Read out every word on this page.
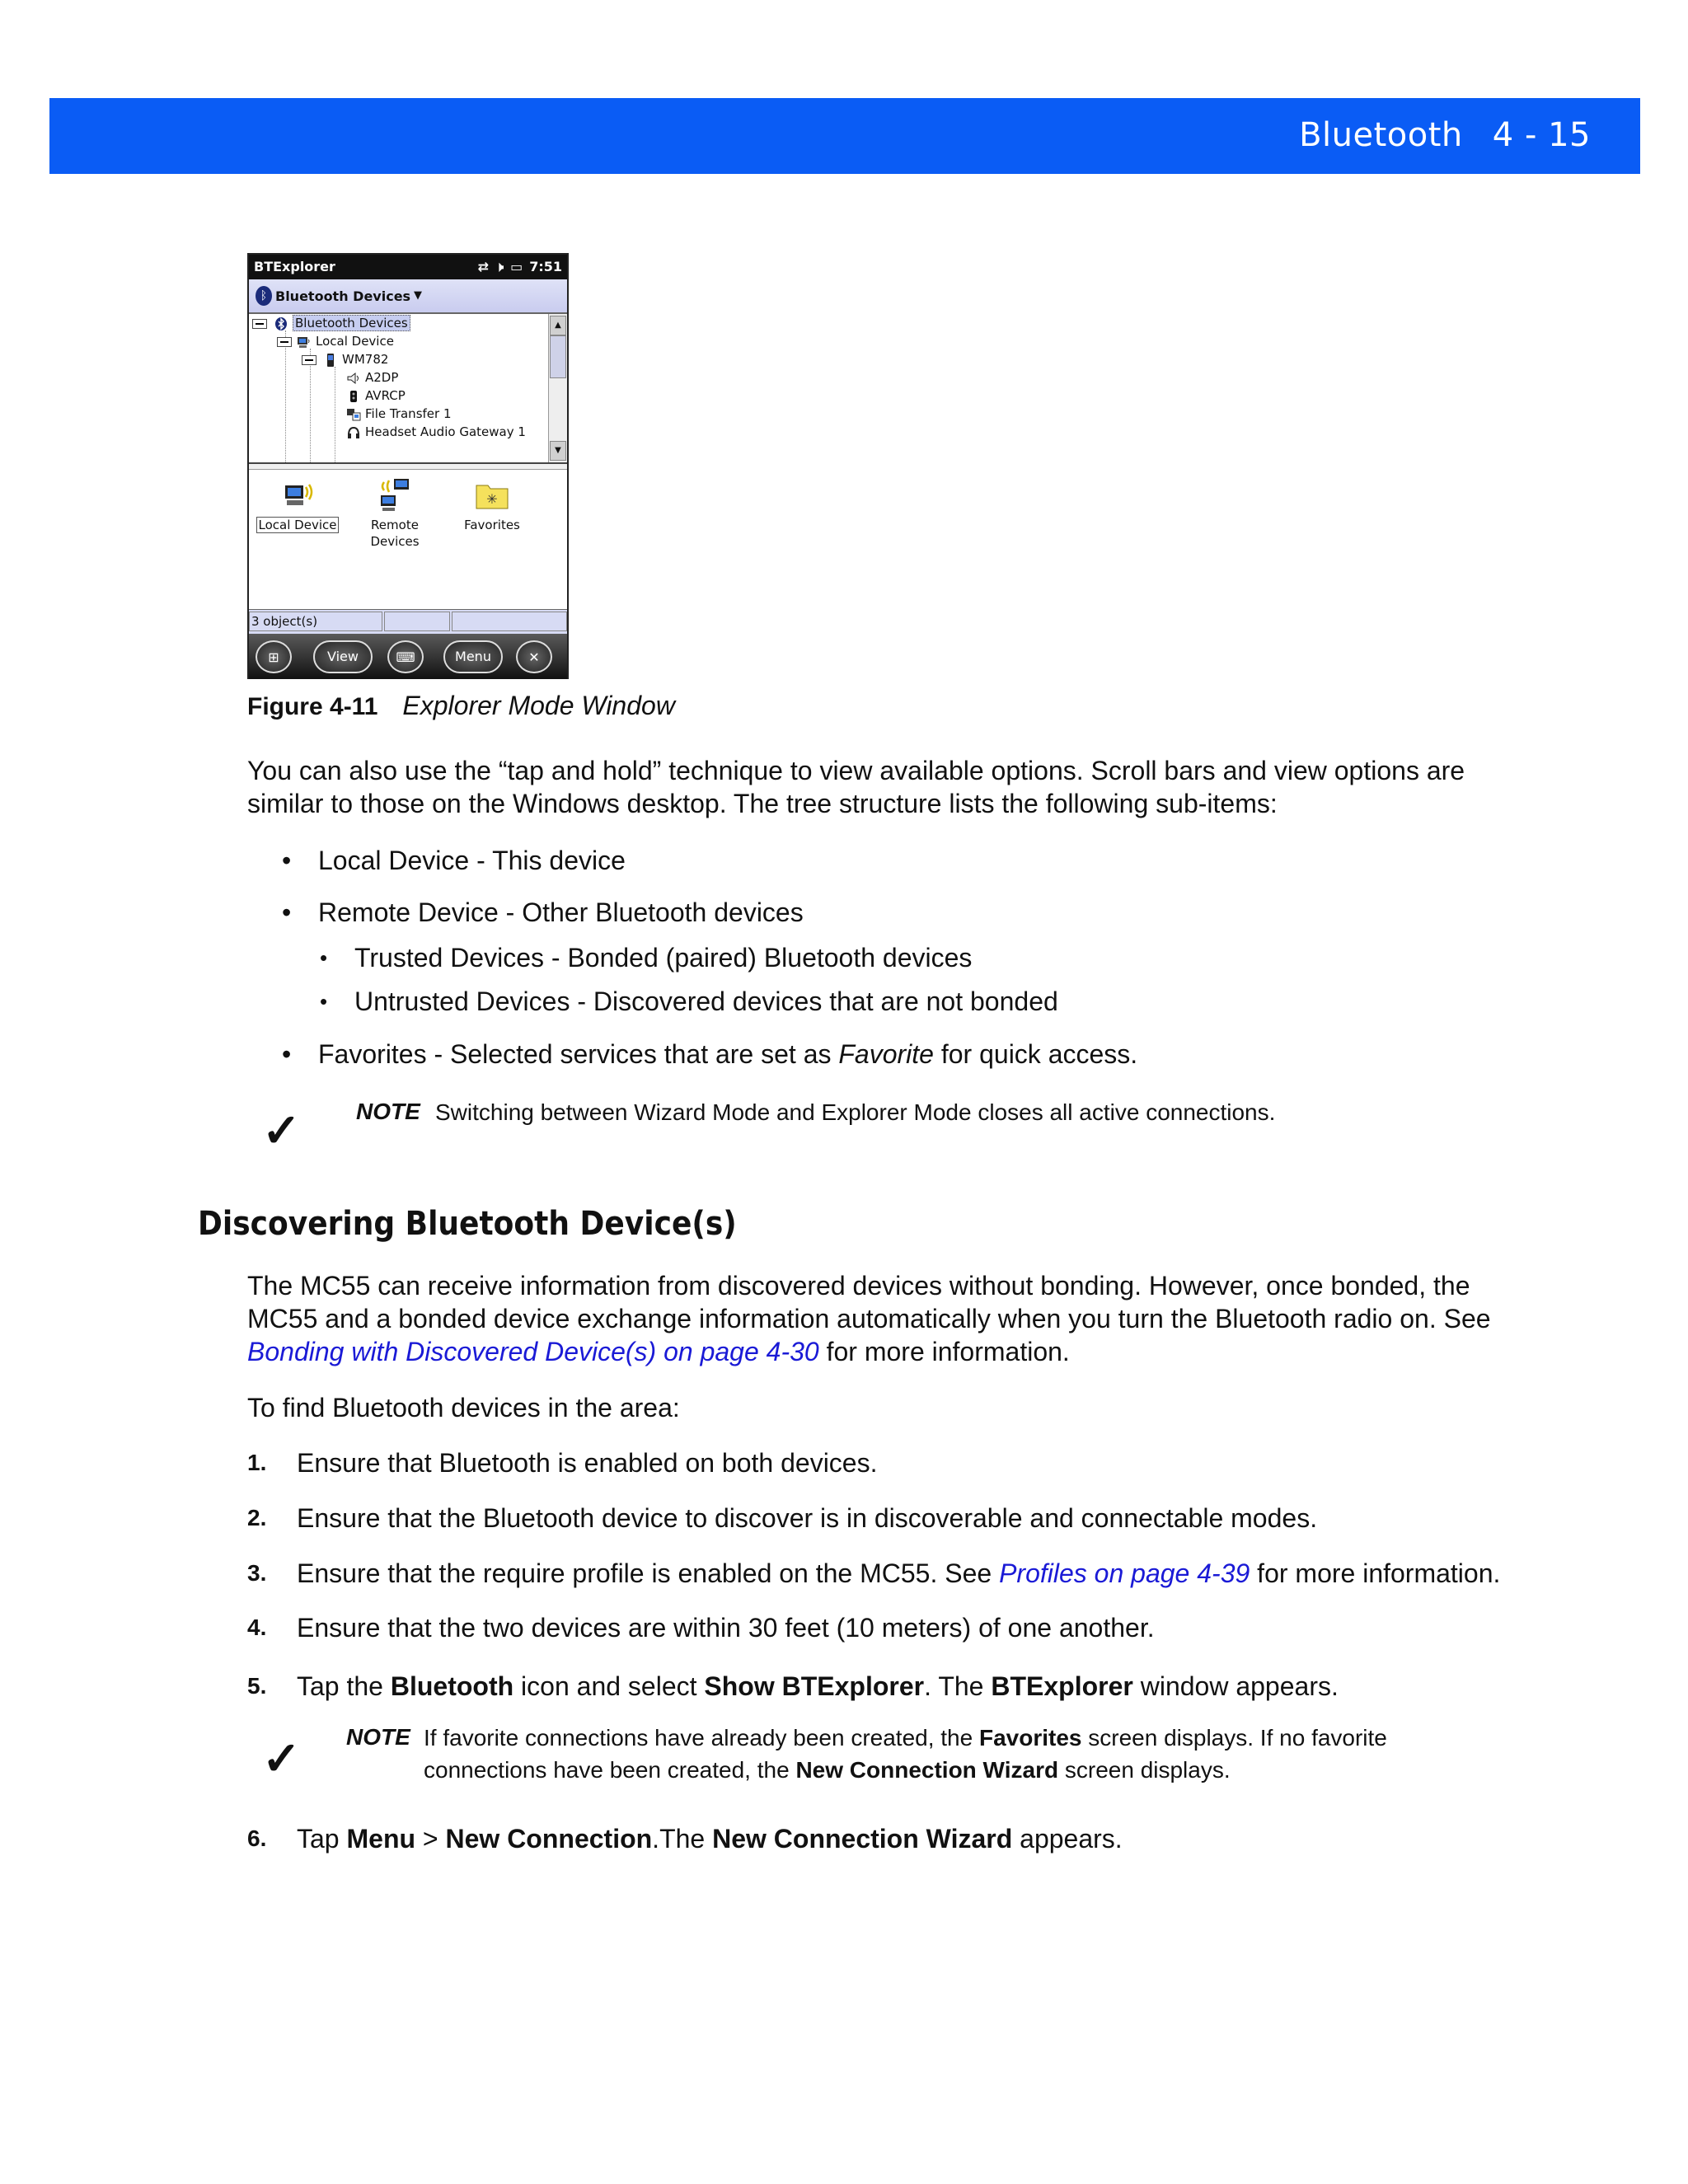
Bluetooth 4 - 15
BTExplorer	⇄ 🕨 ▭ 7:51
ᛒ Bluetooth Devices ▼
Bluetooth Devices
Local Device
WM782
A2DP
AVRCP
File Transfer 1
Headset Audio Gateway 1
▲
▼
Local Device	Remote Devices
✳
Favorites
3 object(s)
⊞	View	⌨	Menu	✕
Figure 4-11 Explorer Mode Window
You can also use the “tap and hold” technique to view available options. Scroll bars and view options are
similar to those on the Windows desktop. The tree structure lists the following sub-items:
• Local Device - This device
• Remote Device - Other Bluetooth devices
• Trusted Devices - Bonded (paired) Bluetooth devices
• Untrusted Devices - Discovered devices that are not bonded
• Favorites - Selected services that are set as Favorite for quick access.
✓ NOTE Switching between Wizard Mode and Explorer Mode closes all active connections.
Discovering Bluetooth Device(s)
The MC55 can receive information from discovered devices without bonding. However, once bonded, the
MC55 and a bonded device exchange information automatically when you turn the Bluetooth radio on. See
Bonding with Discovered Device(s) on page 4-30 for more information.
To find Bluetooth devices in the area:
1. Ensure that Bluetooth is enabled on both devices.
2. Ensure that the Bluetooth device to discover is in discoverable and connectable modes.
3. Ensure that the require profile is enabled on the MC55. See Profiles on page 4-39 for more information.
4. Ensure that the two devices are within 30 feet (10 meters) of one another.
5. Tap the Bluetooth icon and select Show BTExplorer. The BTExplorer window appears.
✓ NOTE If favorite connections have already been created, the Favorites screen displays. If no favorite
connections have been created, the New Connection Wizard screen displays.
6. Tap Menu > New Connection.The New Connection Wizard appears.
